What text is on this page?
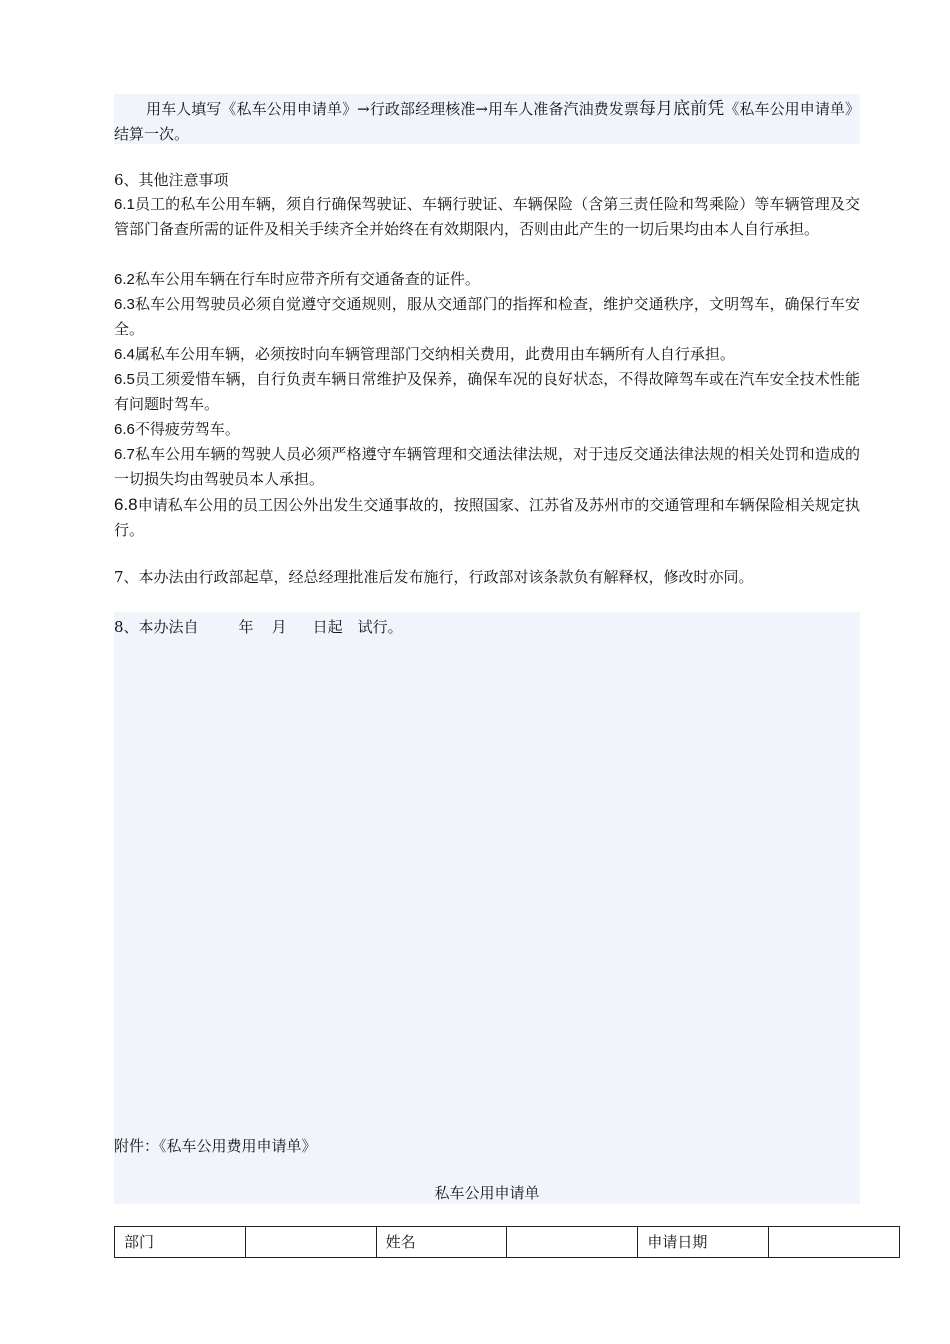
用车人填写《私车公用申请单》→行政部经理核准→用车人准备汽油费发票每月底前凭《私车公用申请单》结算一次。
6、其他注意事项
6.1员工的私车公用车辆，须自行确保驾驶证、车辆行驶证、车辆保险（含第三责任险和驾乘险）等车辆管理及交管部门备查所需的证件及相关手续齐全并始终在有效期限内，否则由此产生的一切后果均由本人自行承担。
6.2私车公用车辆在行车时应带齐所有交通备查的证件。
6.3私车公用驾驶员必须自觉遵守交通规则，服从交通部门的指挥和检查，维护交通秩序，文明驾车，确保行车安全。
6.4属私车公用车辆，必须按时向车辆管理部门交纳相关费用，此费用由车辆所有人自行承担。
6.5员工须爱惜车辆，自行负责车辆日常维护及保养，确保车况的良好状态，不得故障驾车或在汽车安全技术性能有问题时驾车。
6.6不得疲劳驾车。
6.7私车公用车辆的驾驶人员必须严格遵守车辆管理和交通法律法规，对于违反交通法律法规的相关处罚和造成的一切损失均由驾驶员本人承担。
6.8申请私车公用的员工因公外出发生交通事故的，按照国家、江苏省及苏州市的交通管理和车辆保险相关规定执行。
7、本办法由行政部起草，经总经理批准后发布施行，行政部对该条款负有解释权，修改时亦同。
8、本办法自	年 月 日起 试行。
附件：《私车公用费用申请单》
私车公用申请单
部门		姓名		申请日期	
